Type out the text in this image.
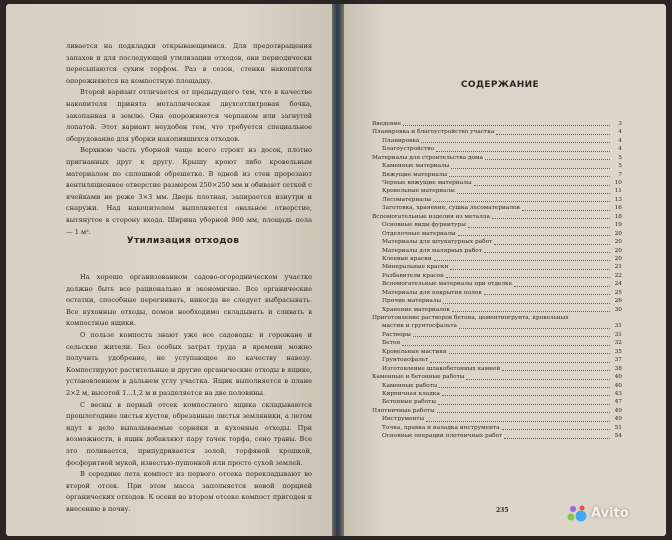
ливается на подкладки открывающимися. Для предотвращения запахов и для последующей утилизации отходов, они периодически пересыпаются сухим торфом. Раз в сезон, стенки накопителя опорожняются на компостную площадку.

Второй вариант отличается от предыдущего тем, что в качестве накопителя принята металлическая двухсотлитровая бочка, закопанная в землю. Она опорожняется черпаком или загнутой лопатой. Этот вариант неудобен тем, что требуется специальное оборудование для уборки накопившихся отходов.

Верхнюю часть уборной чаще всего строят из досок, плотно пригнанных друг к другу. Крышу кроют либо кровельным материалом по сплошной обрешетке. В одной из стен прорезают вентиляционное отверстие размером 250×250 мм и обивают сеткой с ячейками не реже 3×3 мм. Дверь плотная, запирается изнутри и снаружи. Над накопителем выполняется овальное отверстие, вытянутое в сторону входа. Ширина уборной 900 мм, площадь пола — 1 м².

На хорошо организованном садово-огородническом участке должно быть все рационально и экономично. Все органические остатки, способные перегнивать, никогда не следует выбрасывать. Все кухонные отходы, помои необходимо складывать и сливать в компостные ящики.

О пользе компоста знают уже все садоводы: и горожане и сельские жители. Без особых затрат труда и времени можно получить удобрение, не уступающее по качеству навозу. Компостируют растительные и другие органические отходы в ящике, установленном в дальнем углу участка. Ящик выполняется в плане 2×2 м, высотой 1...1,2 м и разделяется на две половины.

С весны в первый отсек компостного ящика складываются прошлогодние листья кустов, обрезанные листья земляники, а летом идут в дело выпалываемые сорняки и кухонные отходы. При возможности, в ящик добавляют пару тачек торфа, сено травы. Все это поливается, припудривается золой, торфяной крошкой, фосфоритной мукой, известью-пушонкой или просто сухой землей.

В середине лета компост из первого отсека перекладывают во второй отсек. При этом масса заполняется новой порцией органических отходов. К осени во втором отсеке компост пригоден к внесению в почву.

Утилизация отходов
СОДЕРЖАНИЕ
Введение	3
Планировка и благоустройство участка	4
Планировка	4
Благоустройство	4
Материалы для строительства дома	5
Каменные материалы	5
Вяжущие материалы	7
Черные вяжущие материалы	10
Кровельные материалы	11
Лесоматериалы	13
Заготовка, хранение, сушка лесоматериалов	16
Вспомогательные изделия из металла	18
Основные виды фурнитуры	19
Отделочные материалы	20
Материалы для штукатурных работ	20
Материалы для малярных работ	20
Клеевые краски	20
Минеральные краски	21
Разбавители красок	22
Вспомогательные материалы при отделке	24
Материалы для покрытия полов	25
Прочие материалы	26
Хранение материалов	30
Приготовление растворов бетона, цементногрунта, кровельных
мастик и грунтосфальта	31
Растворы	31
Бетон	32
Кровельные мастики	35
Грунтоасфальт	37
Изготовление шлакобетонных камней	38
Каменные и бетонные работы	40
Каменные работы	40
Кирпичная кладка	43
Бетонные работы	47
Плотничные работы	49
Инструменты	49
Точка, правка и наладка инструмента	51
Основные операции плотничных работ	54
235	Avito
